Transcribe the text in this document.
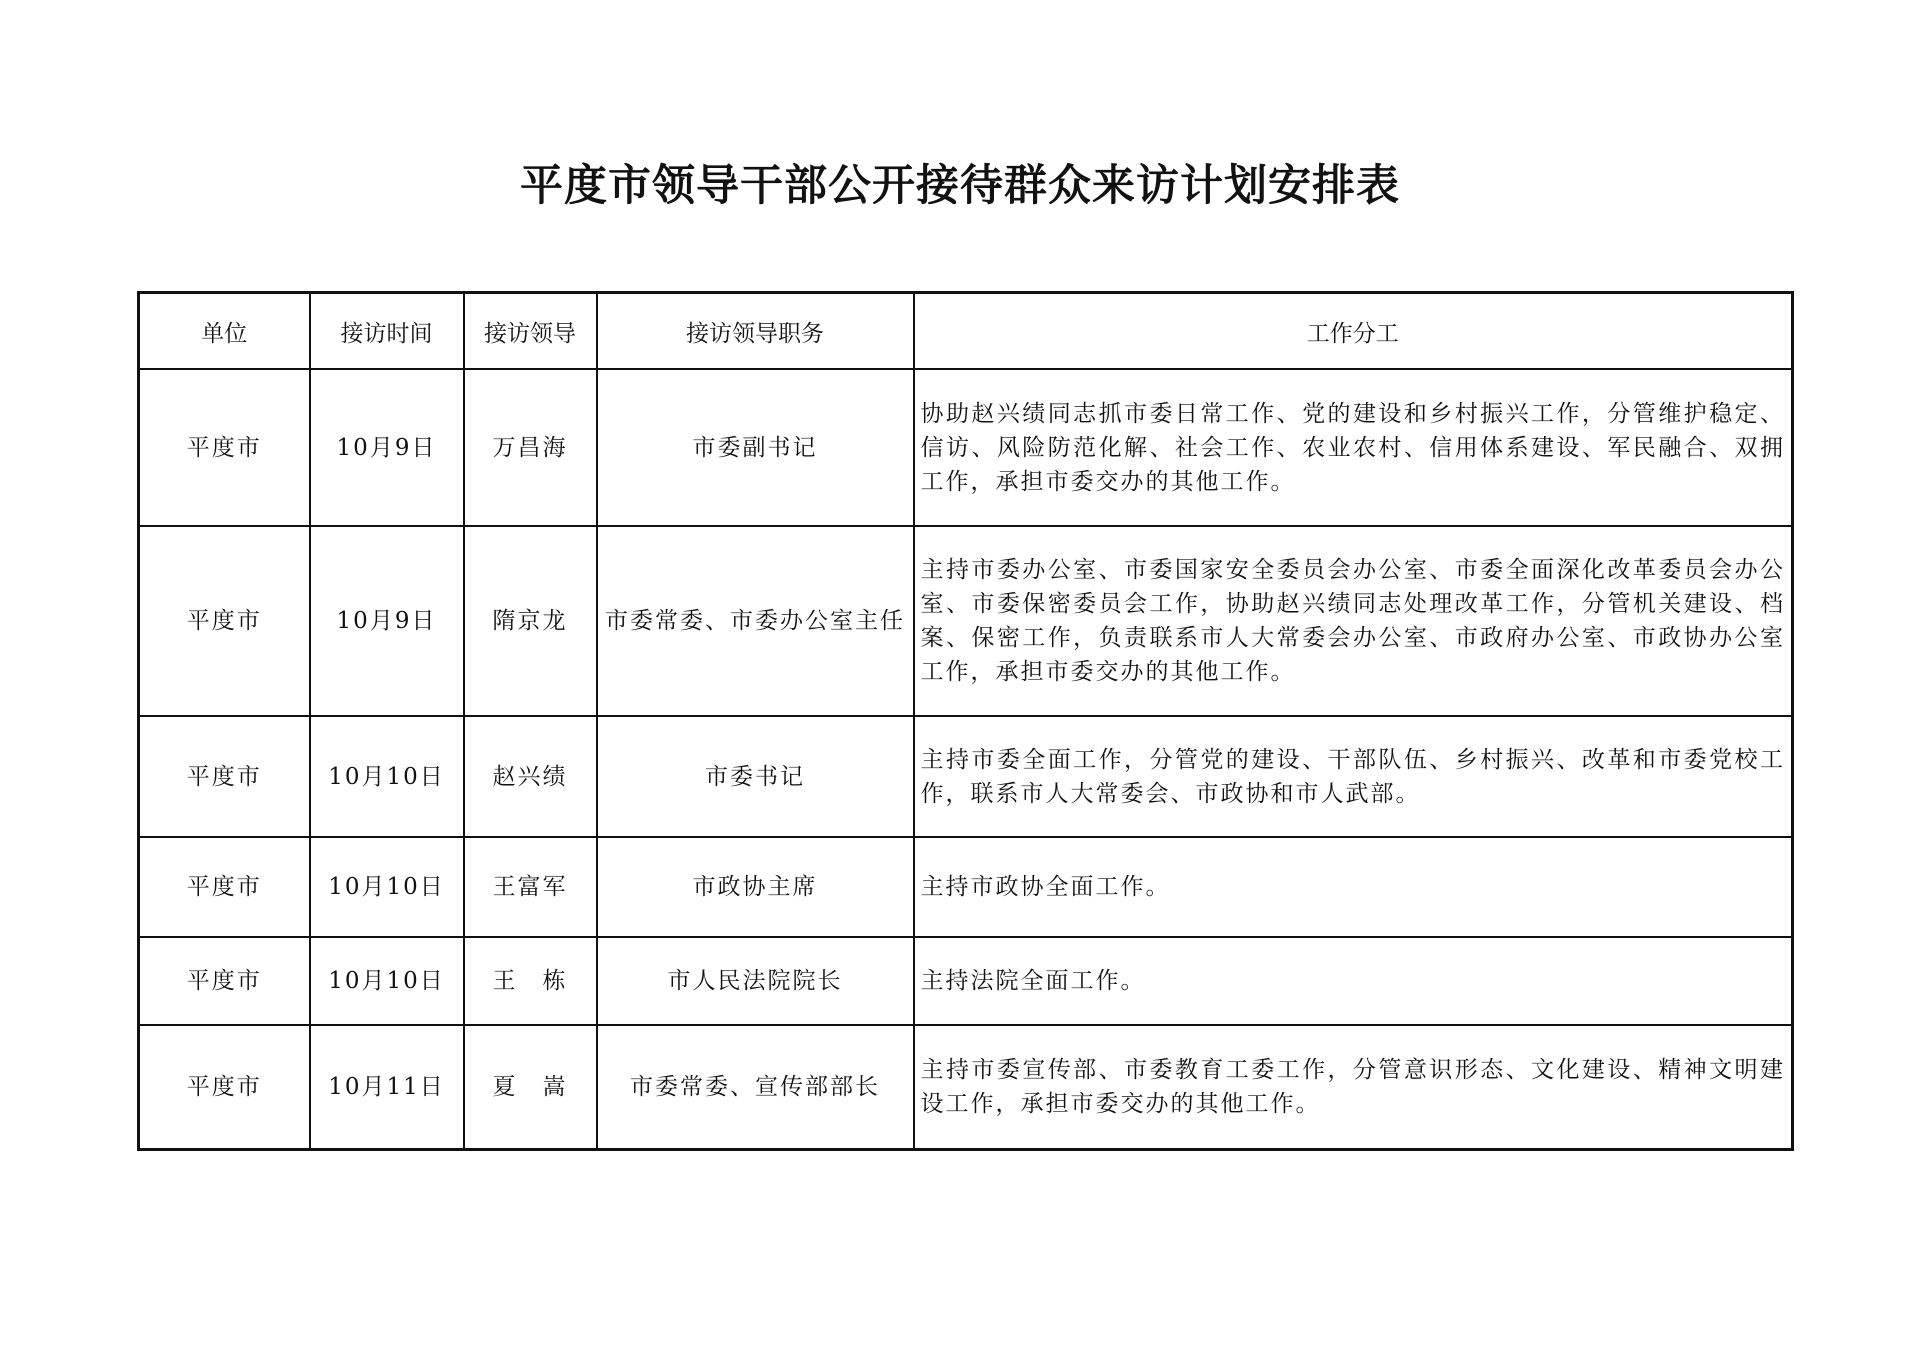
平度市领导干部公开接待群众来访计划安排表
单位	接访时间	接访领导	接访领导职务	工作分工
平度市	10月9日	万昌海	市委副书记	协助赵兴绩同志抓市委日常工作、党的建设和乡村振兴工作，分管维护稳定、信访、风险防范化解、社会工作、农业农村、信用体系建设、军民融合、双拥工作，承担市委交办的其他工作。
平度市	10月9日	隋京龙	市委常委、市委办公室主任	主持市委办公室、市委国家安全委员会办公室、市委全面深化改革委员会办公室、市委保密委员会工作，协助赵兴绩同志处理改革工作，分管机关建设、档案、保密工作，负责联系市人大常委会办公室、市政府办公室、市政协办公室工作，承担市委交办的其他工作。
平度市	10月10日	赵兴绩	市委书记	主持市委全面工作，分管党的建设、干部队伍、乡村振兴、改革和市委党校工作，联系市人大常委会、市政协和市人武部。
平度市	10月10日	王富军	市政协主席	主持市政协全面工作。
平度市	10月10日	王　栋	市人民法院院长	主持法院全面工作。
平度市	10月11日	夏　嵩	市委常委、宣传部部长	主持市委宣传部、市委教育工委工作，分管意识形态、文化建设、精神文明建设工作，承担市委交办的其他工作。
